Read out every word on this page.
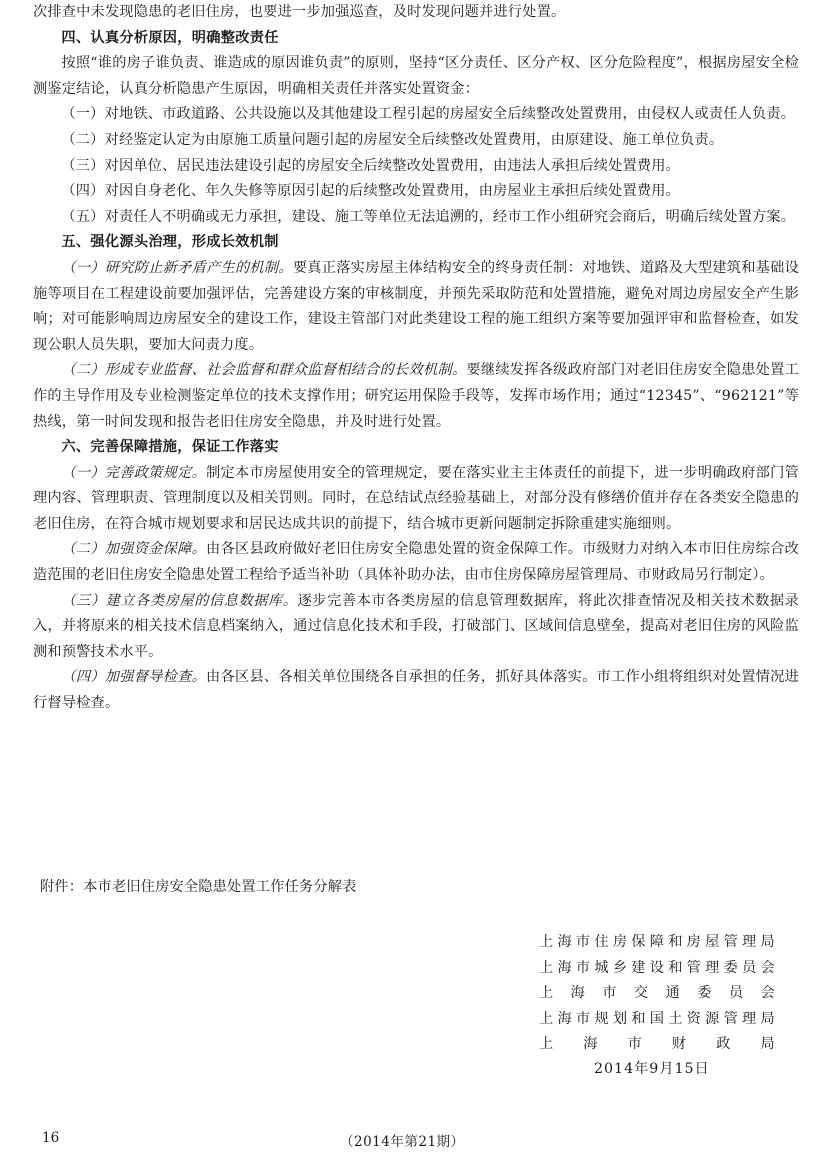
次排查中未发现隐患的老旧住房，也要进一步加强巡查，及时发现问题并进行处置。

四、认真分析原因，明确整改责任

按照“谁的房子谁负责、谁造成的原因谁负责”的原则，坚持“区分责任、区分产权、区分危险程度”，根据房屋安全检测鉴定结论，认真分析隐患产生原因，明确相关责任并落实处置资金：

（一）对地铁、市政道路、公共设施以及其他建设工程引起的房屋安全后续整改处置费用，由侵权人或责任人负责。

（二）对经鉴定认定为由原施工质量问题引起的房屋安全后续整改处置费用，由原建设、施工单位负责。

（三）对因单位、居民违法建设引起的房屋安全后续整改处置费用，由违法人承担后续处置费用。

（四）对因自身老化、年久失修等原因引起的后续整改处置费用，由房屋业主承担后续处置费用。

（五）对责任人不明确或无力承担，建设、施工等单位无法追溯的，经市工作小组研究会商后，明确后续处置方案。

五、强化源头治理，形成长效机制

（一）研究防止新矛盾产生的机制。要真正落实房屋主体结构安全的终身责任制：对地铁、道路及大型建筑和基础设施等项目在工程建设前要加强评估，完善建设方案的审核制度，并预先采取防范和处置措施，避免对周边房屋安全产生影响；对可能影响周边房屋安全的建设工作，建设主管部门对此类建设工程的施工组织方案等要加强评审和监督检查，如发现公职人员失职，要加大问责力度。

（二）形成专业监督、社会监督和群众监督相结合的长效机制。要继续发挥各级政府部门对老旧住房安全隐患处置工作的主导作用及专业检测鉴定单位的技术支撑作用；研究运用保险手段等，发挥市场作用；通过“12345”、“962121”等热线，第一时间发现和报告老旧住房安全隐患，并及时进行处置。

六、完善保障措施，保证工作落实

（一）完善政策规定。制定本市房屋使用安全的管理规定，要在落实业主主体责任的前提下，进一步明确政府部门管理内容、管理职责、管理制度以及相关罚则。同时，在总结试点经验基础上，对部分没有修缮价值并存在各类安全隐患的老旧住房，在符合城市规划要求和居民达成共识的前提下，结合城市更新问题制定拆除重建实施细则。

（二）加强资金保障。由各区县政府做好老旧住房安全隐患处置的资金保障工作。市级财力对纳入本市旧住房综合改造范围的老旧住房安全隐患处置工程给予适当补助（具体补助办法，由市住房保障房屋管理局、市财政局另行制定）。

（三）建立各类房屋的信息数据库。逐步完善本市各类房屋的信息管理数据库，将此次排查情况及相关技术数据录入，并将原来的相关技术信息档案纳入，通过信息化技术和手段，打破部门、区域间信息壁垒，提高对老旧住房的风险监测和预警技术水平。

（四）加强督导检查。由各区县、各相关单位围绕各自承担的任务，抓好具体落实。市工作小组将组织对处置情况进行督导检查。

附件：本市老旧住房安全隐患处置工作任务分解表

上海市住房保障和房屋管理局

上海市城乡建设和管理委员会

上海市交通委员会

上海市规划和国土资源管理局

上海市财政局

2014年9月15日

16	（2014年第21期）
